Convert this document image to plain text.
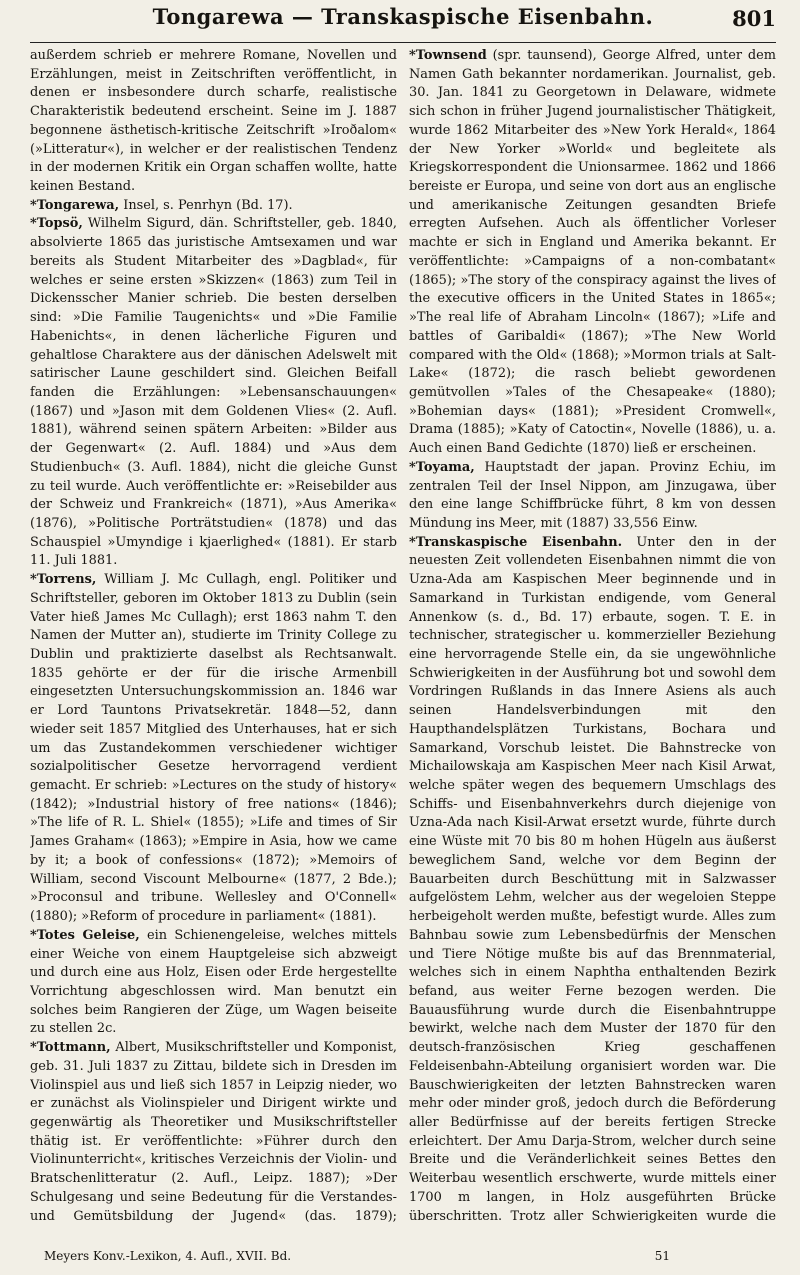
Tongarewa — Transkaspische Eisenbahn.	801

außerdem schrieb er mehrere Romane, Novellen und Erzählungen, meist in Zeitschriften veröffentlicht, in denen er insbesondere durch scharfe, realistische Charakteristik bedeutend erscheint. Seine im J. 1887 begonnene ästhetisch-kritische Zeitschrift »Iroðalom« (»Litteratur«), in welcher er der realistischen Tendenz in der modernen Kritik ein Organ schaffen wollte, hatte keinen Bestand.

*Tongarewa, Insel, s. Penrhyn (Bd. 17).

*Topsö, Wilhelm Sigurd, dän. Schriftsteller, geb. 1840, absolvierte 1865 das juristische Amtsexamen und war bereits als Student Mitarbeiter des »Dagblad«, für welches er seine ersten »Skizzen« (1863) zum Teil in Dickensscher Manier schrieb. Die besten derselben sind: »Die Familie Taugenichts« und »Die Familie Habenichts«, in denen lächerliche Figuren und gehaltlose Charaktere aus der dänischen Adelswelt mit satirischer Laune geschildert sind. Gleichen Beifall fanden die Erzählungen: »Lebensanschauungen« (1867) und »Jason mit dem Goldenen Vlies« (2. Aufl. 1881), während seinen spätern Arbeiten: »Bilder aus der Gegenwart« (2. Aufl. 1884) und »Aus dem Studienbuch« (3. Aufl. 1884), nicht die gleiche Gunst zu teil wurde. Auch veröffentlichte er: »Reisebilder aus der Schweiz und Frankreich« (1871), »Aus Amerika« (1876), »Politische Porträtstudien« (1878) und das Schauspiel »Umyndige i kjaerlighed« (1881). Er starb 11. Juli 1881.

*Torrens, William J. Mc Cullagh, engl. Politiker und Schriftsteller, geboren im Oktober 1813 zu Dublin (sein Vater hieß James Mc Cullagh); erst 1863 nahm T. den Namen der Mutter an), studierte im Trinity College zu Dublin und praktizierte daselbst als Rechtsanwalt. 1835 gehörte er der für die irische Armenbill eingesetzten Untersuchungskommission an. 1846 war er Lord Tauntons Privatsekretär. 1848—52, dann wieder seit 1857 Mitglied des Unterhauses, hat er sich um das Zustandekommen verschiedener wichtiger sozialpolitischer Gesetze hervorragend verdient gemacht. Er schrieb: »Lectures on the study of history« (1842); »Industrial history of free nations« (1846); »The life of R. L. Shiel« (1855); »Life and times of Sir James Graham« (1863); »Empire in Asia, how we came by it; a book of confessions« (1872); »Memoirs of William, second Viscount Melbourne« (1877, 2 Bde.); »Proconsul and tribune. Wellesley and O'Connell« (1880); »Reform of procedure in parliament« (1881).

*Totes Geleise, ein Schienengeleise, welches mittels einer Weiche von einem Hauptgeleise sich abzweigt und durch eine aus Holz, Eisen oder Erde hergestellte Vorrichtung abgeschlossen wird. Man benutzt ein solches beim Rangieren der Züge, um Wagen beiseite zu stellen 2c.

*Tottmann, Albert, Musikschriftsteller und Komponist, geb. 31. Juli 1837 zu Zittau, bildete sich in Dresden im Violinspiel aus und ließ sich 1857 in Leipzig nieder, wo er zunächst als Violinspieler und Dirigent wirkte und gegenwärtig als Theoretiker und Musikschriftsteller thätig ist. Er veröffentlichte: »Führer durch den Violinunterricht«, kritisches Verzeichnis der Violin- und Bratschenlitteratur (2. Aufl., Leipz. 1887); »Der Schulgesang und seine Bedeutung für die Verstandes- und Gemütsbildung der Jugend« (das. 1879);

*Townsend (spr. taunsend), George Alfred, unter dem Namen Gath bekannter nordamerikan. Journalist, geb. 30. Jan. 1841 zu Georgetown in Delaware, widmete sich schon in früher Jugend journalistischer Thätigkeit, wurde 1862 Mitarbeiter des »New York Herald«, 1864 der New Yorker »World« und begleitete als Kriegskorrespondent die Unionsarmee. 1862 und 1866 bereiste er Europa, und seine von dort aus an englische und amerikanische Zeitungen gesandten Briefe erregten Aufsehen. Auch als öffentlicher Vorleser machte er sich in England und Amerika bekannt. Er veröffentlichte: »Campaigns of a non-combatant« (1865); »The story of the conspiracy against the lives of the executive officers in the United States in 1865«; »The real life of Abraham Lincoln« (1867); »Life and battles of Garibaldi« (1867); »The New World compared with the Old« (1868); »Mormon trials at Salt-Lake« (1872); die rasch beliebt gewordenen gemütvollen »Tales of the Chesapeake« (1880); »Bohemian days« (1881); »President Cromwell«, Drama (1885); »Katy of Catoctin«, Novelle (1886), u. a. Auch einen Band Gedichte (1870) ließ er erscheinen.

*Toyama, Hauptstadt der japan. Provinz Echiu, im zentralen Teil der Insel Nippon, am Jinzugawa, über den eine lange Schiffbrücke führt, 8 km von dessen Mündung ins Meer, mit (1887) 33,556 Einw.

*Transkaspische Eisenbahn. Unter den in der neuesten Zeit vollendeten Eisenbahnen nimmt die von Uzna-Ada am Kaspischen Meer beginnende und in Samarkand in Turkistan endigende, vom General Annenkow (s. d., Bd. 17) erbaute, sogen. T. E. in technischer, strategischer u. kommerzieller Beziehung eine hervorragende Stelle ein, da sie ungewöhnliche Schwierigkeiten in der Ausführung bot und sowohl dem Vordringen Rußlands in das Innere Asiens als auch seinen Handelsverbindungen mit den Haupthandelsplätzen Turkistans, Bochara und Samarkand, Vorschub leistet. Die Bahnstrecke von Michailowskaja am Kaspischen Meer nach Kisil Arwat, welche später wegen des bequemern Umschlags des Schiffs- und Eisenbahnverkehrs durch diejenige von Uzna-Ada nach Kisil-Arwat ersetzt wurde, führte durch eine Wüste mit 70 bis 80 m hohen Hügeln aus äußerst beweglichem Sand, welche vor dem Beginn der Bauarbeiten durch Beschüttung mit in Salzwasser aufgelöstem Lehm, welcher aus der wegeloien Steppe herbeigeholt werden mußte, befestigt wurde. Alles zum Bahnbau sowie zum Lebensbedürfnis der Menschen und Tiere Nötige mußte bis auf das Brennmaterial, welches sich in einem Naphtha enthaltenden Bezirk befand, aus weiter Ferne bezogen werden. Die Bauausführung wurde durch die Eisenbahntruppe bewirkt, welche nach dem Muster der 1870 für den deutsch-französischen Krieg geschaffenen Feldeisenbahn-Abteilung organisiert worden war. Die Bauschwierigkeiten der letzten Bahnstrecken waren mehr oder minder groß, jedoch durch die Beförderung aller Bedürfnisse auf der bereits fertigen Strecke erleichtert. Der Amu Darja-Strom, welcher durch seine Breite und die Veränderlichkeit seines Bettes den Weiterbau wesentlich erschwerte, wurde mittels einer 1700 m langen, in Holz ausgeführten Brücke überschritten. Trotz aller Schwierigkeiten wurde die

Meyers Konv.-Lexikon, 4. Aufl., XVII. Bd.	51
